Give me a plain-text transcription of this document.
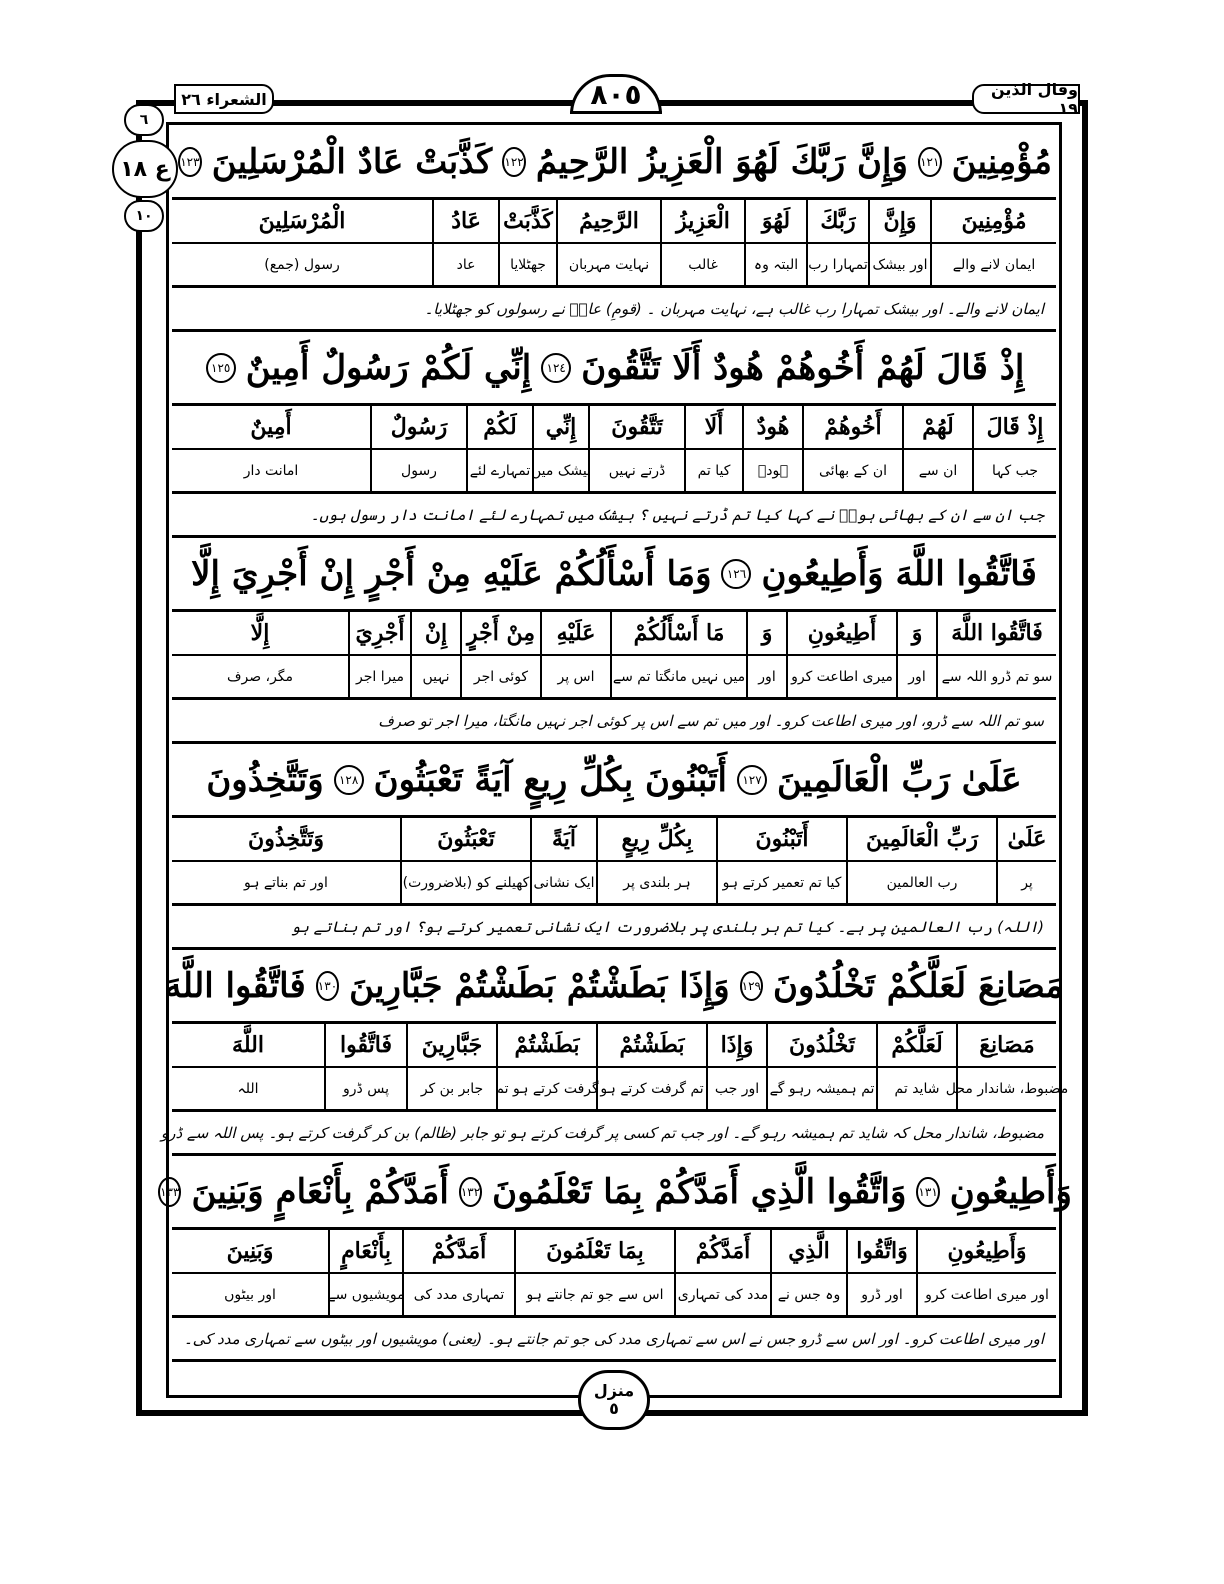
الشعراء ٢٦	وقال الذين ١٩
٨٠٥
٦
ع ١٨
١٠
مُؤْمِنِينَ
١٢١
وَإِنَّ رَبَّكَ لَهُوَ الْعَزِيزُ الرَّحِيمُ
١٢٢
كَذَّبَتْ عَادٌ الْمُرْسَلِينَ
١٢٣
مُؤْمِنِينَ
وَإِنَّ
رَبَّكَ
لَهُوَ
الْعَزِيزُ
الرَّحِيمُ
كَذَّبَتْ
عَادُ
الْمُرْسَلِينَ
ایمان لانے والے
اور بیشک
تمہارا رب
البتہ وہ
غالب
نہایت مہربان
جھٹلایا
عاد
رسول (جمع)
ایمان لانے والے۔ اور بیشک تمہارا رب غالب ہے، نہایت مہربان ۔ (قومِ) عادؑ نے رسولوں کو جھٹلایا۔
إِذْ قَالَ لَهُمْ أَخُوهُمْ هُودٌ أَلَا تَتَّقُونَ
١٢٤
إِنِّي لَكُمْ رَسُولٌ أَمِينٌ
١٢٥
إِذْ قَالَ
لَهُمْ
أَخُوهُمْ
هُودٌ
أَلَا
تَتَّقُونَ
إِنِّي
لَكُمْ
رَسُولٌ
أَمِينٌ
جب کہا
ان سے
ان کے بھائی
ہودؑ
کیا تم
ڈرتے نہیں
بیشک میں
تمہارے لئے
رسول
امانت دار
جب ان سے ان کے بھائی ہودؑ نے کہا کیا تم ڈرتے نہیں ؟ بیشک میں تمہارے لئے امانت دار رسول ہوں۔
فَاتَّقُوا اللَّهَ وَأَطِيعُونِ
١٢٦
وَمَا أَسْأَلُكُمْ عَلَيْهِ مِنْ أَجْرٍ إِنْ أَجْرِيَ إِلَّا
فَاتَّقُوا اللَّهَ
وَ
أَطِيعُونِ
وَ
مَا أَسْأَلُكُمْ
عَلَيْهِ
مِنْ أَجْرٍ
إِنْ
أَجْرِيَ
إِلَّا
سو تم ڈرو اللہ سے
اور
میری اطاعت کرو
اور
میں نہیں مانگتا تم سے
اس پر
کوئی اجر
نہیں
میرا اجر
مگر، صرف
سو تم اللہ سے ڈرو، اور میری اطاعت کرو۔ اور میں تم سے اس پر کوئی اجر نہیں مانگتا، میرا اجر تو صرف
عَلَىٰ رَبِّ الْعَالَمِينَ
١٢٧
أَتَبْنُونَ بِكُلِّ رِيعٍ آيَةً تَعْبَثُونَ
١٢٨
وَتَتَّخِذُونَ
عَلَىٰ
رَبِّ الْعَالَمِينَ
أَتَبْنُونَ
بِكُلِّ رِيعٍ
آيَةً
تَعْبَثُونَ
وَتَتَّخِذُونَ
پر
رب العالمین
کیا تم تعمیر کرتے ہو
ہر بلندی پر
ایک نشانی
کھیلنے کو (بلاضرورت)
اور تم بناتے ہو
(اللہ) رب العالمین پر ہے۔ کیا تم ہر بلندی پر بلاضرورت ایک نشانی تعمیر کرتے ہو؟ اور تم بناتے ہو
مَصَانِعَ لَعَلَّكُمْ تَخْلُدُونَ
١٢٩
وَإِذَا بَطَشْتُمْ بَطَشْتُمْ جَبَّارِينَ
١٣٠
فَاتَّقُوا اللَّهَ
مَصَانِعَ
لَعَلَّكُمْ
تَخْلُدُونَ
وَإِذَا
بَطَشْتُمْ
بَطَشْتُمْ
جَبَّارِينَ
فَاتَّقُوا
اللَّهَ
مضبوط، شاندار محل
شاید تم
تم ہمیشہ رہو گے
اور جب
تم گرفت کرتے ہو
گرفت کرتے ہو تم
جابر بن کر
پس ڈرو
اللہ
مضبوط، شاندار محل کہ شاید تم ہمیشہ رہو گے۔ اور جب تم کسی پر گرفت کرتے ہو تو جابر (ظالم) بن کر گرفت کرتے ہو۔ پس اللہ سے ڈرو
وَأَطِيعُونِ
١٣١
وَاتَّقُوا الَّذِي أَمَدَّكُمْ بِمَا تَعْلَمُونَ
١٣٢
أَمَدَّكُمْ بِأَنْعَامٍ وَبَنِينَ
١٣٣
وَأَطِيعُونِ
وَاتَّقُوا
الَّذِي
أَمَدَّكُمْ
بِمَا تَعْلَمُونَ
أَمَدَّكُمْ
بِأَنْعَامٍ
وَبَنِينَ
اور میری اطاعت کرو
اور ڈرو
وہ جس نے
مدد کی تمہاری
اس سے جو تم جانتے ہو
تمہاری مدد کی
مویشیوں سے
اور بیٹوں
اور میری اطاعت کرو۔ اور اس سے ڈرو جس نے اس سے تمہاری مدد کی جو تم جانتے ہو۔ (یعنی) مویشیوں اور بیٹوں سے تمہاری مدد کی۔
منزل
٥
